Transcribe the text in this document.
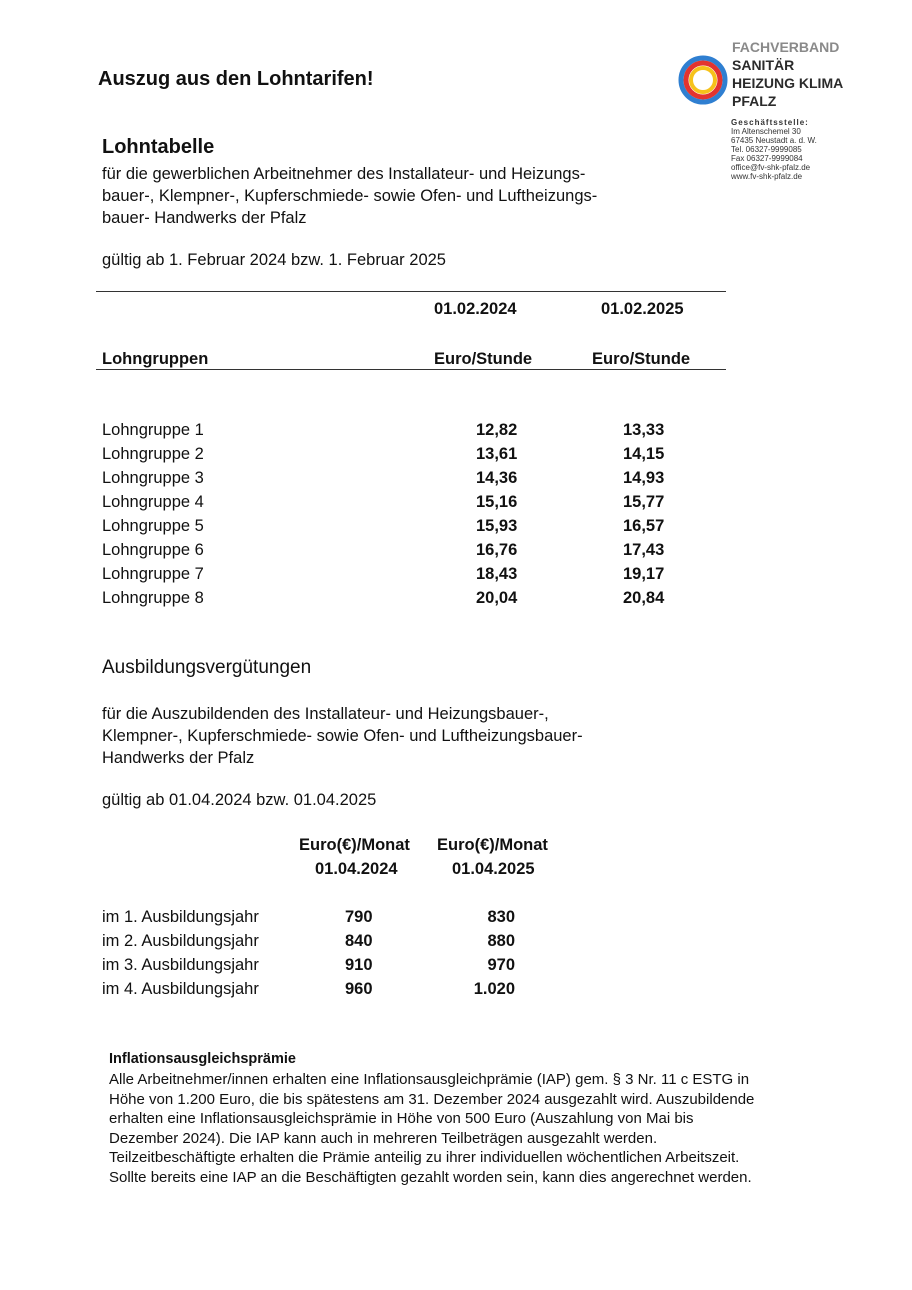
Auszug aus den Lohntarifen!
FACHVERBAND
SANITÄR
HEIZUNG KLIMA
PFALZ
Geschäftsstelle:
Im Altenschemel 30
67435 Neustadt a. d. W.
Tel. 06327-9999085
Fax 06327-9999084
office@fv-shk-pfalz.de
www.fv-shk-pfalz.de
Lohntabelle
für die gewerblichen Arbeitnehmer des Installateur- und Heizungs-
bauer-, Klempner-, Kupferschmiede- sowie Ofen- und Luftheizungs-
bauer- Handwerks der Pfalz
gültig ab 1. Februar 2024 bzw. 1. Februar 2025
01.02.2024	01.02.2025
Lohngruppen	Euro/Stunde	Euro/Stunde
Lohngruppe 1	12,82	13,33
Lohngruppe 2	13,61	14,15
Lohngruppe 3	14,36	14,93
Lohngruppe 4	15,16	15,77
Lohngruppe 5	15,93	16,57
Lohngruppe 6	16,76	17,43
Lohngruppe 7	18,43	19,17
Lohngruppe 8	20,04	20,84
Ausbildungsvergütungen
für die Auszubildenden des Installateur- und Heizungsbauer-,
Klempner-, Kupferschmiede- sowie Ofen- und Luftheizungsbauer-
Handwerks der Pfalz
gültig ab 01.04.2024 bzw. 01.04.2025
Euro(€)/Monat Euro(€)/Monat
01.04.2024	01.04.2025
im 1. Ausbildungsjahr	790	830
im 2. Ausbildungsjahr	840	880
im 3. Ausbildungsjahr	910	970
im 4. Ausbildungsjahr	960	1.020
Inflationsausgleichsprämie
Alle Arbeitnehmer/innen erhalten eine Inflationsausgleichprämie (IAP) gem. § 3 Nr. 11 c ESTG in
Höhe von 1.200 Euro, die bis spätestens am 31. Dezember 2024 ausgezahlt wird. Auszubildende
erhalten eine Inflationsausgleichsprämie in Höhe von 500 Euro (Auszahlung von Mai bis
Dezember 2024). Die IAP kann auch in mehreren Teilbeträgen ausgezahlt werden.
Teilzeitbeschäftigte erhalten die Prämie anteilig zu ihrer individuellen wöchentlichen Arbeitszeit.
Sollte bereits eine IAP an die Beschäftigten gezahlt worden sein, kann dies angerechnet werden.
